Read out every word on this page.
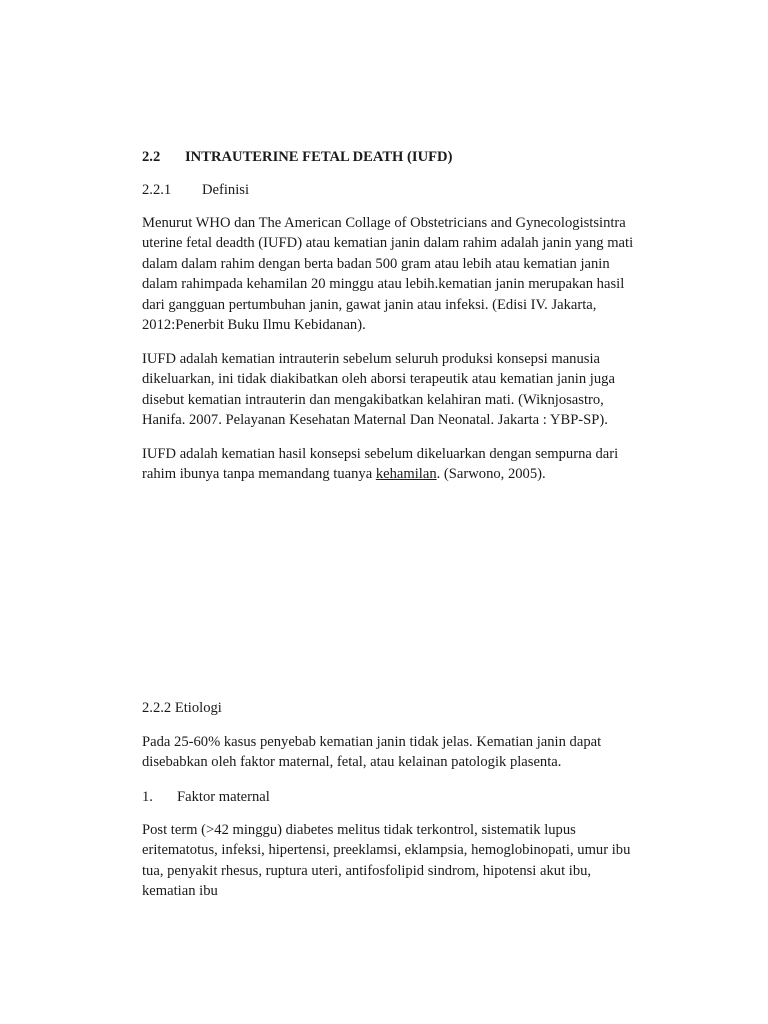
2.2 INTRAUTERINE FETAL DEATH (IUFD)
2.2.1 Definisi
Menurut WHO dan The American Collage of Obstetricians and Gynecologistsintra
uterine fetal deadth (IUFD) atau kematian janin dalam rahim adalah janin yang mati
dalam dalam rahim dengan berta badan 500 gram atau lebih atau kematian janin
dalam rahimpada kehamilan 20 minggu atau lebih.kematian janin merupakan hasil
dari gangguan pertumbuhan janin, gawat janin atau infeksi. (Edisi IV. Jakarta,
2012:Penerbit Buku Ilmu Kebidanan).
IUFD adalah kematian intrauterin sebelum seluruh produksi konsepsi manusia
dikeluarkan, ini tidak diakibatkan oleh aborsi terapeutik atau kematian janin juga
disebut kematian intrauterin dan mengakibatkan kelahiran mati. (Wiknjosastro,
Hanifa. 2007. Pelayanan Kesehatan Maternal Dan Neonatal. Jakarta : YBP-SP).
IUFD adalah kematian hasil konsepsi sebelum dikeluarkan dengan sempurna dari
rahim ibunya tanpa memandang tuanya kehamilan. (Sarwono, 2005).
2.2.2 Etiologi
Pada 25-60% kasus penyebab kematian janin tidak jelas. Kematian janin dapat
disebabkan oleh faktor maternal, fetal, atau kelainan patologik plasenta.
1. Faktor maternal
Post term (>42 minggu) diabetes melitus tidak terkontrol, sistematik lupus
eritematotus, infeksi, hipertensi, preeklamsi, eklampsia, hemoglobinopati, umur ibu
tua, penyakit rhesus, ruptura uteri, antifosfolipid sindrom, hipotensi akut ibu,
kematian ibu
